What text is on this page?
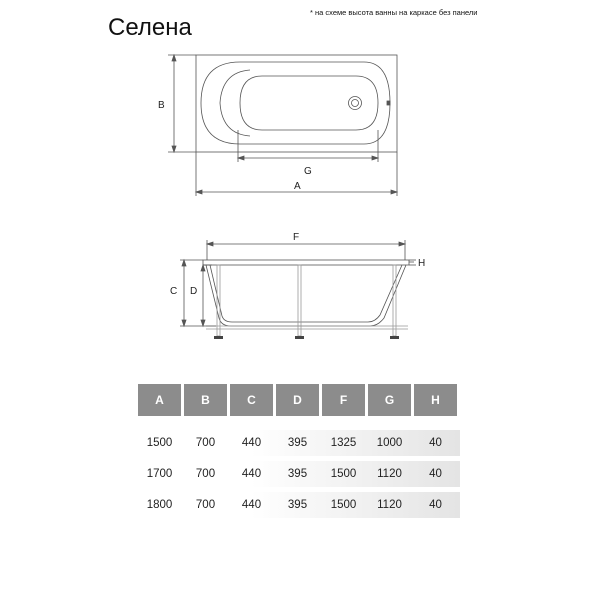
Селена
* на схеме высота ванны на каркасе без панели
B
G
A
F
H
C D
A	B	C	D	F	G	H
1500	700	440	395	1325	1000	40
1700	700	440	395	1500	1120	40
1800	700	440	395	1500	1120	40
